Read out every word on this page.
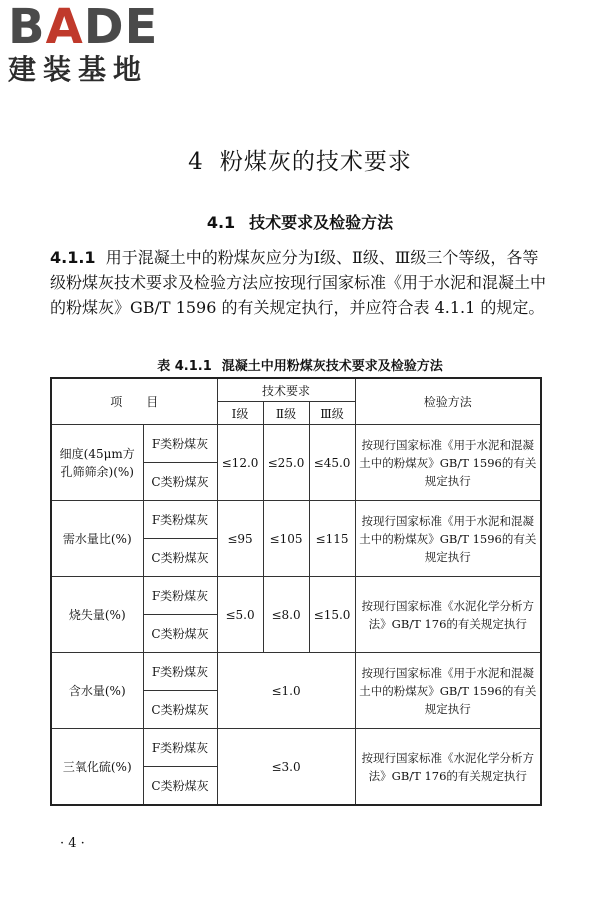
BADE
建装基地
4 粉煤灰的技术要求
4.1 技术要求及检验方法
4.1.1 用于混凝土中的粉煤灰应分为Ⅰ级、Ⅱ级、Ⅲ级三个等级，各等级粉煤灰技术要求及检验方法应按现行国家标准《用于水泥和混凝土中的粉煤灰》GB/T 1596 的有关规定执行，并应符合表 4.1.1 的规定。
表 4.1.1 混凝土中用粉煤灰技术要求及检验方法
项　　目		技术要求			检验方法
		Ⅰ级	Ⅱ级	Ⅲ级	
细度(45μm方孔筛筛余)(%)	F类粉煤灰	≤12.0	≤25.0	≤45.0	按现行国家标准《用于水泥和混凝土中的粉煤灰》GB/T 1596的有关规定执行
	C类粉煤灰				
需水量比(%)	F类粉煤灰	≤95	≤105	≤115	按现行国家标准《用于水泥和混凝土中的粉煤灰》GB/T 1596的有关规定执行
	C类粉煤灰				
烧失量(%)	F类粉煤灰	≤5.0	≤8.0	≤15.0	按现行国家标准《水泥化学分析方法》GB/T 176的有关规定执行
	C类粉煤灰				
含水量(%)	F类粉煤灰	≤1.0			按现行国家标准《用于水泥和混凝土中的粉煤灰》GB/T 1596的有关规定执行
	C类粉煤灰				
三氧化硫(%)	F类粉煤灰	≤3.0			按现行国家标准《水泥化学分析方法》GB/T 176的有关规定执行
	C类粉煤灰				
· 4 ·
